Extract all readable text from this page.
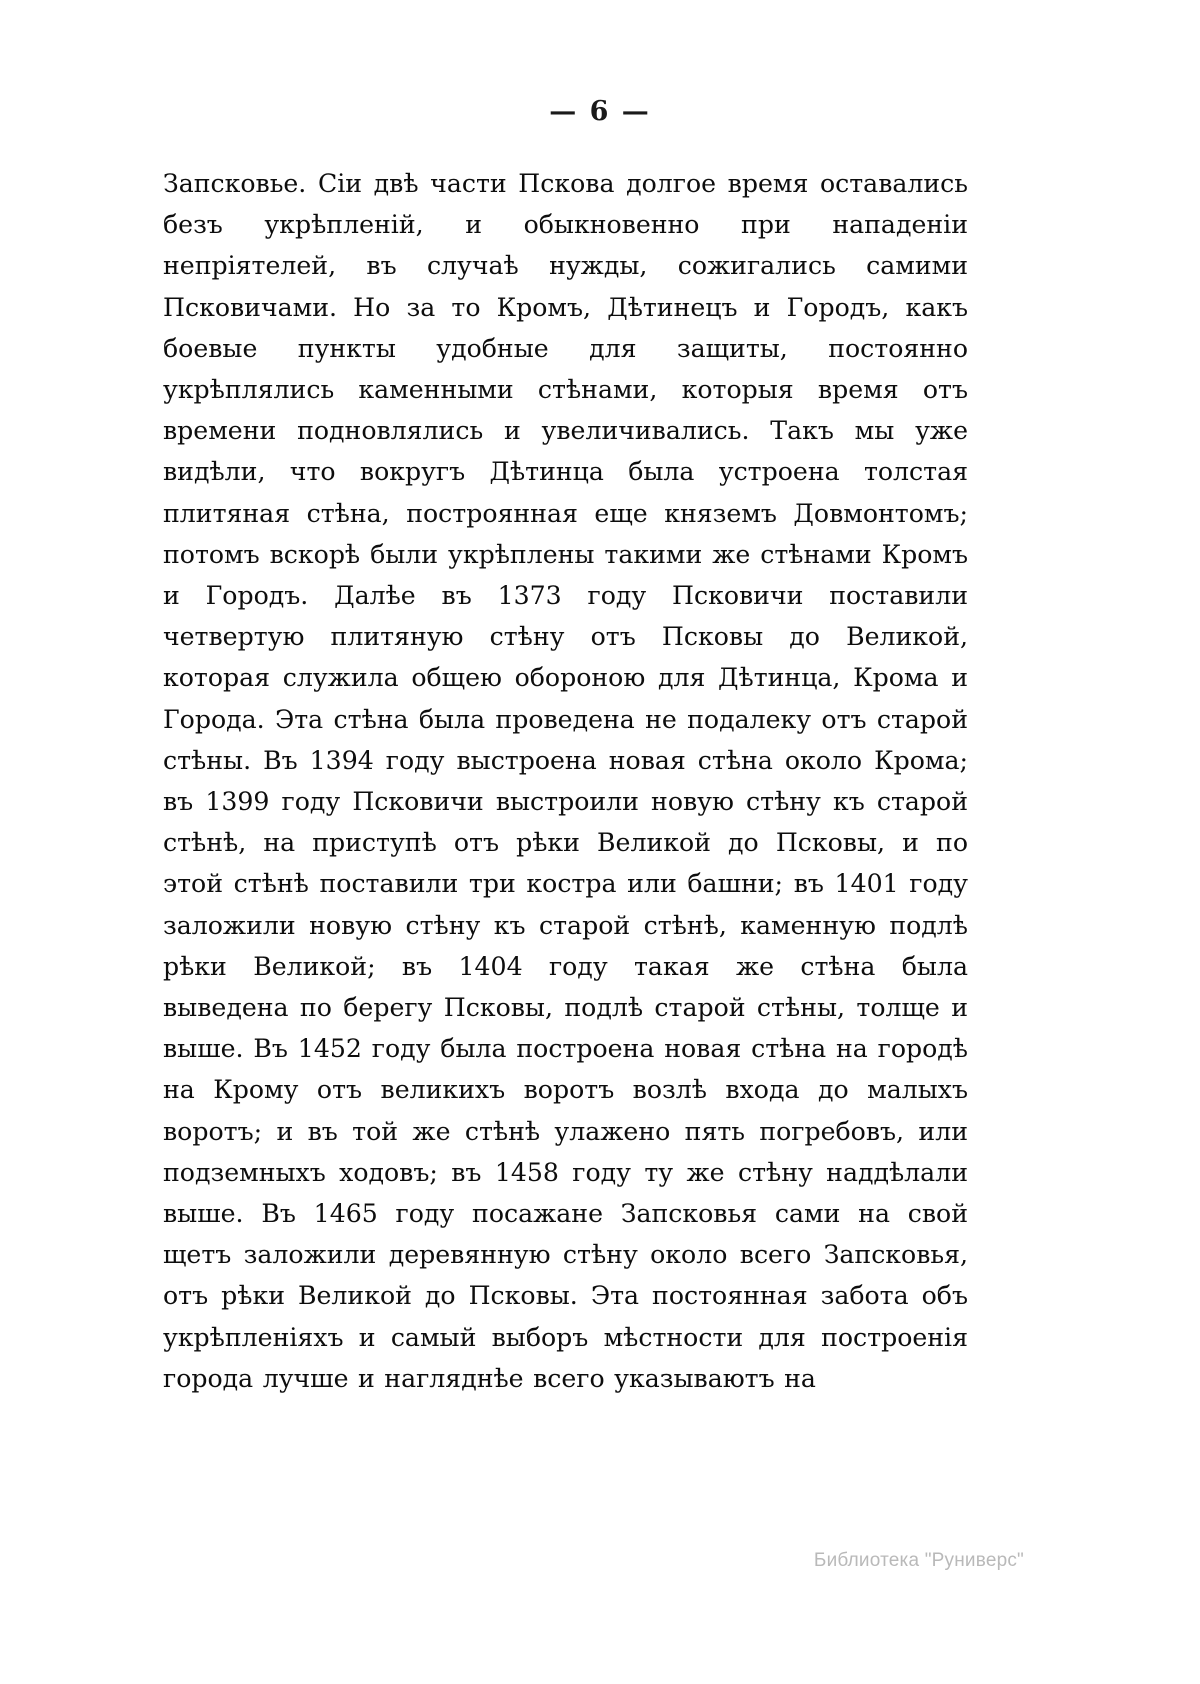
— 6 —

Запсковье. Сіи двѣ части Пскова долгое время оставались безъ укрѣпленій, и обыкновенно при нападеніи непріятелей, въ случаѣ нужды, сожигались самими Псковичами. Но за то Кромъ, Дѣтинецъ и Городъ, какъ боевые пункты удобные для защиты, постоянно укрѣплялись каменными стѣнами, которыя время отъ времени подновлялись и увеличивались. Такъ мы уже видѣли, что вокругъ Дѣтинца была устроена толстая плитяная стѣна, построянная еще княземъ Довмонтомъ; потомъ вскорѣ были укрѣплены такими же стѣнами Кромъ и Городъ. Далѣе въ 1373 году Псковичи поставили четвертую плитяную стѣну отъ Псковы до Великой, которая служила общею обороною для Дѣтинца, Крома и Города. Эта стѣна была проведена не подалеку отъ старой стѣны. Въ 1394 году выстроена новая стѣна около Крома; въ 1399 году Псковичи выстроили новую стѣну къ старой стѣнѣ, на приступѣ отъ рѣки Великой до Псковы, и по этой стѣнѣ поставили три костра или башни; въ 1401 году заложили новую стѣну къ старой стѣнѣ, каменную подлѣ рѣки Великой; въ 1404 году такая же стѣна была выведена по берегу Псковы, подлѣ старой стѣны, толще и выше. Въ 1452 году была построена новая стѣна на городѣ на Крому отъ великихъ воротъ возлѣ входа до малыхъ воротъ; и въ той же стѣнѣ улажено пять погребовъ, или подземныхъ ходовъ; въ 1458 году ту же стѣну наддѣлали выше. Въ 1465 году посажане Запсковья сами на свой щетъ заложили деревянную стѣну около всего Запсковья, отъ рѣки Великой до Псковы. Эта постоянная забота объ укрѣпленіяхъ и самый выборъ мѣстности для построенія города лучше и нагляднѣе всего указываютъ на

Библиотека "Руниверс"
